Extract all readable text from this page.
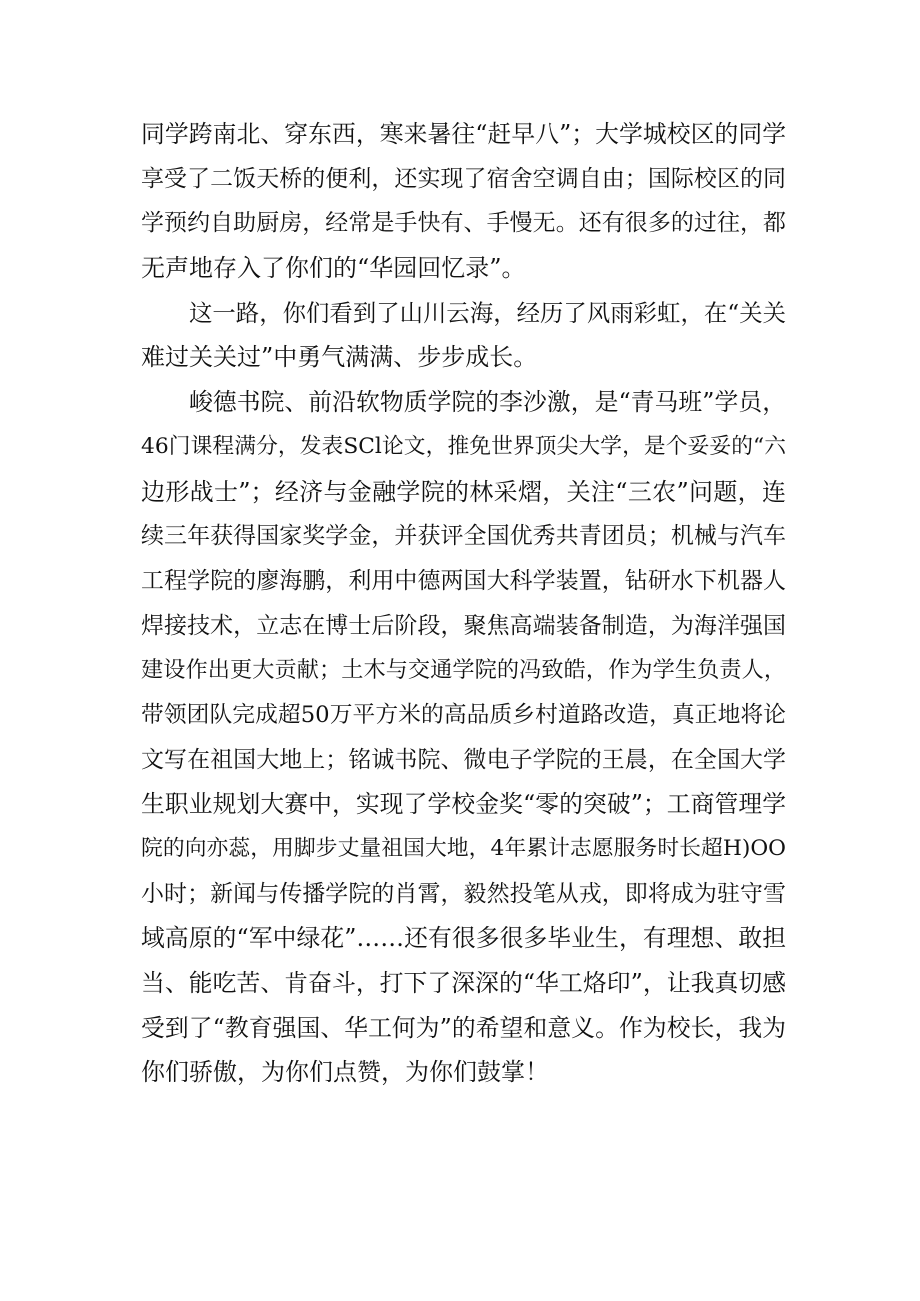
同学跨南北、穿东西，寒来暑往“赶早八”；大学城校区的同学
享受了二饭天桥的便利，还实现了宿舍空调自由；国际校区的同
学预约自助厨房，经常是手快有、手慢无。还有很多的过往，都
无声地存入了你们的“华园回忆录”。
这一路，你们看到了山川云海，经历了风雨彩虹，在“关关
难过关关过”中勇气满满、步步成长。
峻德书院、前沿软物质学院的李沙激，是“青马班”学员，
46门课程满分，发表SCl论文，推免世界顶尖大学，是个妥妥的“六
边形战士”；经济与金融学院的林采熠，关注“三农”问题，连
续三年获得国家奖学金，并获评全国优秀共青团员；机械与汽车
工程学院的廖海鹏，利用中德两国大科学装置，钻研水下机器人
焊接技术，立志在博士后阶段，聚焦高端装备制造，为海洋强国
建设作出更大贡献；土木与交通学院的冯致皓，作为学生负责人，
带领团队完成超50万平方米的高品质乡村道路改造，真正地将论
文写在祖国大地上；铭诚书院、微电子学院的王晨，在全国大学
生职业规划大赛中，实现了学校金奖“零的突破”；工商管理学
院的向亦蕊，用脚步丈量祖国大地，4年累计志愿服务时长超H)OO
小时；新闻与传播学院的肖霄，毅然投笔从戎，即将成为驻守雪
域高原的“军中绿花”……还有很多很多毕业生，有理想、敢担
当、能吃苦、肯奋斗，打下了深深的“华工烙印”，让我真切感
受到了“教育强国、华工何为”的希望和意义。作为校长，我为
你们骄傲，为你们点赞，为你们鼓掌！
